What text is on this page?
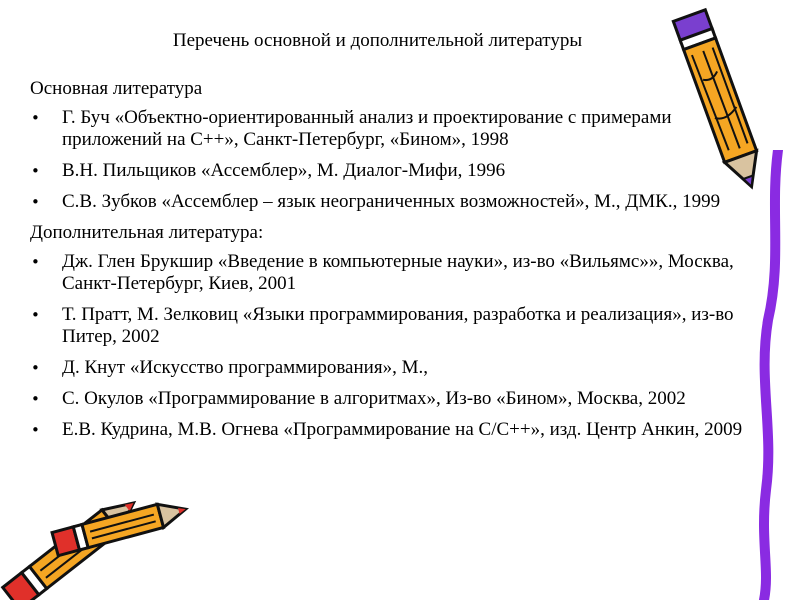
Перечень основной и дополнительной литературы
Основная литература
• Г. Буч «Объектно-ориентированный анализ и проектирование с примерами приложений на С++», Санкт-Петербург, «Бином», 1998
• В.Н. Пильщиков «Ассемблер», М. Диалог-Мифи, 1996
• С.В. Зубков «Ассемблер – язык неограниченных возможностей», М., ДМК., 1999
Дополнительная литература:
• Дж. Глен Брукшир «Введение в компьютерные науки», из-во «Вильямс»», Москва, Санкт-Петербург, Киев, 2001
• Т. Пратт, М. Зелковиц «Языки программирования, разработка и реализация», из-во Питер, 2002
• Д. Кнут «Искусство программирования», М.,
• С. Окулов «Программирование в алгоритмах», Из-во «Бином», Москва, 2002
• Е.В. Кудрина, М.В. Огнева «Программирование на С/С++», изд. Центр Анкин, 2009
